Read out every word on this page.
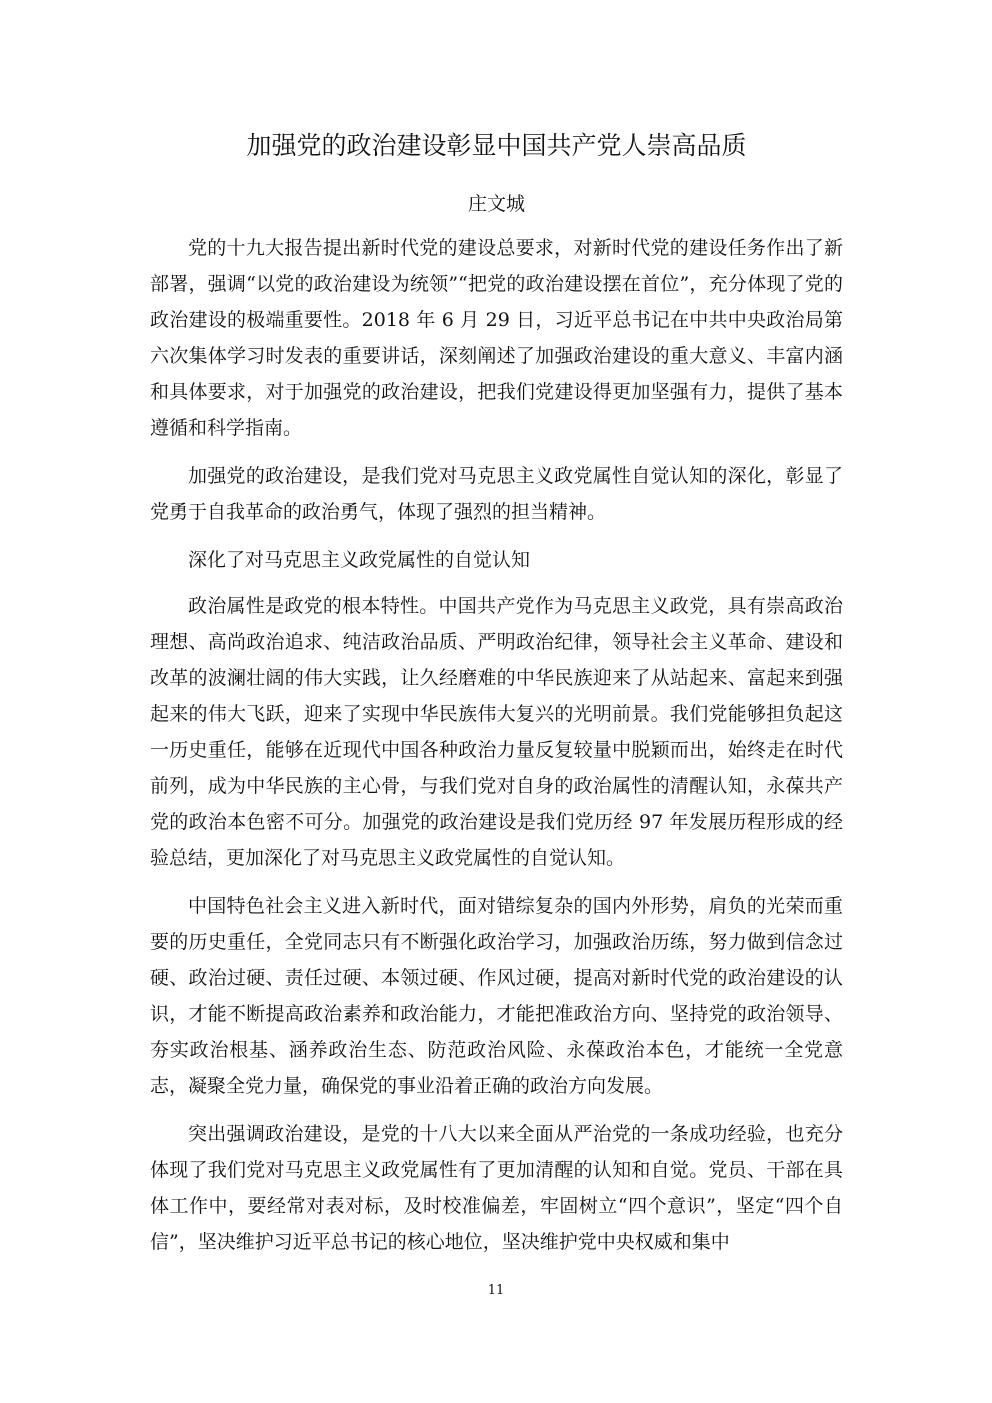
加强党的政治建设彰显中国共产党人崇高品质
庄文城

党的十九大报告提出新时代党的建设总要求，对新时代党的建设任务作出了新部署，强调“以党的政治建设为统领”“把党的政治建设摆在首位”，充分体现了党的政治建设的极端重要性。2018 年 6 月 29 日，习近平总书记在中共中央政治局第六次集体学习时发表的重要讲话，深刻阐述了加强政治建设的重大意义、丰富内涵和具体要求，对于加强党的政治建设，把我们党建设得更加坚强有力，提供了基本遵循和科学指南。

加强党的政治建设，是我们党对马克思主义政党属性自觉认知的深化，彰显了党勇于自我革命的政治勇气，体现了强烈的担当精神。

深化了对马克思主义政党属性的自觉认知

政治属性是政党的根本特性。中国共产党作为马克思主义政党，具有崇高政治理想、高尚政治追求、纯洁政治品质、严明政治纪律，领导社会主义革命、建设和改革的波澜壮阔的伟大实践，让久经磨难的中华民族迎来了从站起来、富起来到强起来的伟大飞跃，迎来了实现中华民族伟大复兴的光明前景。我们党能够担负起这一历史重任，能够在近现代中国各种政治力量反复较量中脱颖而出，始终走在时代前列，成为中华民族的主心骨，与我们党对自身的政治属性的清醒认知，永葆共产党的政治本色密不可分。加强党的政治建设是我们党历经 97 年发展历程形成的经验总结，更加深化了对马克思主义政党属性的自觉认知。

中国特色社会主义进入新时代，面对错综复杂的国内外形势，肩负的光荣而重要的历史重任，全党同志只有不断强化政治学习，加强政治历练，努力做到信念过硬、政治过硬、责任过硬、本领过硬、作风过硬，提高对新时代党的政治建设的认识，才能不断提高政治素养和政治能力，才能把准政治方向、坚持党的政治领导、夯实政治根基、涵养政治生态、防范政治风险、永葆政治本色，才能统一全党意志，凝聚全党力量，确保党的事业沿着正确的政治方向发展。

突出强调政治建设，是党的十八大以来全面从严治党的一条成功经验，也充分体现了我们党对马克思主义政党属性有了更加清醒的认知和自觉。党员、干部在具体工作中，要经常对表对标，及时校准偏差，牢固树立“四个意识”，坚定“四个自信”，坚决维护习近平总书记的核心地位，坚决维护党中央权威和集中

11
